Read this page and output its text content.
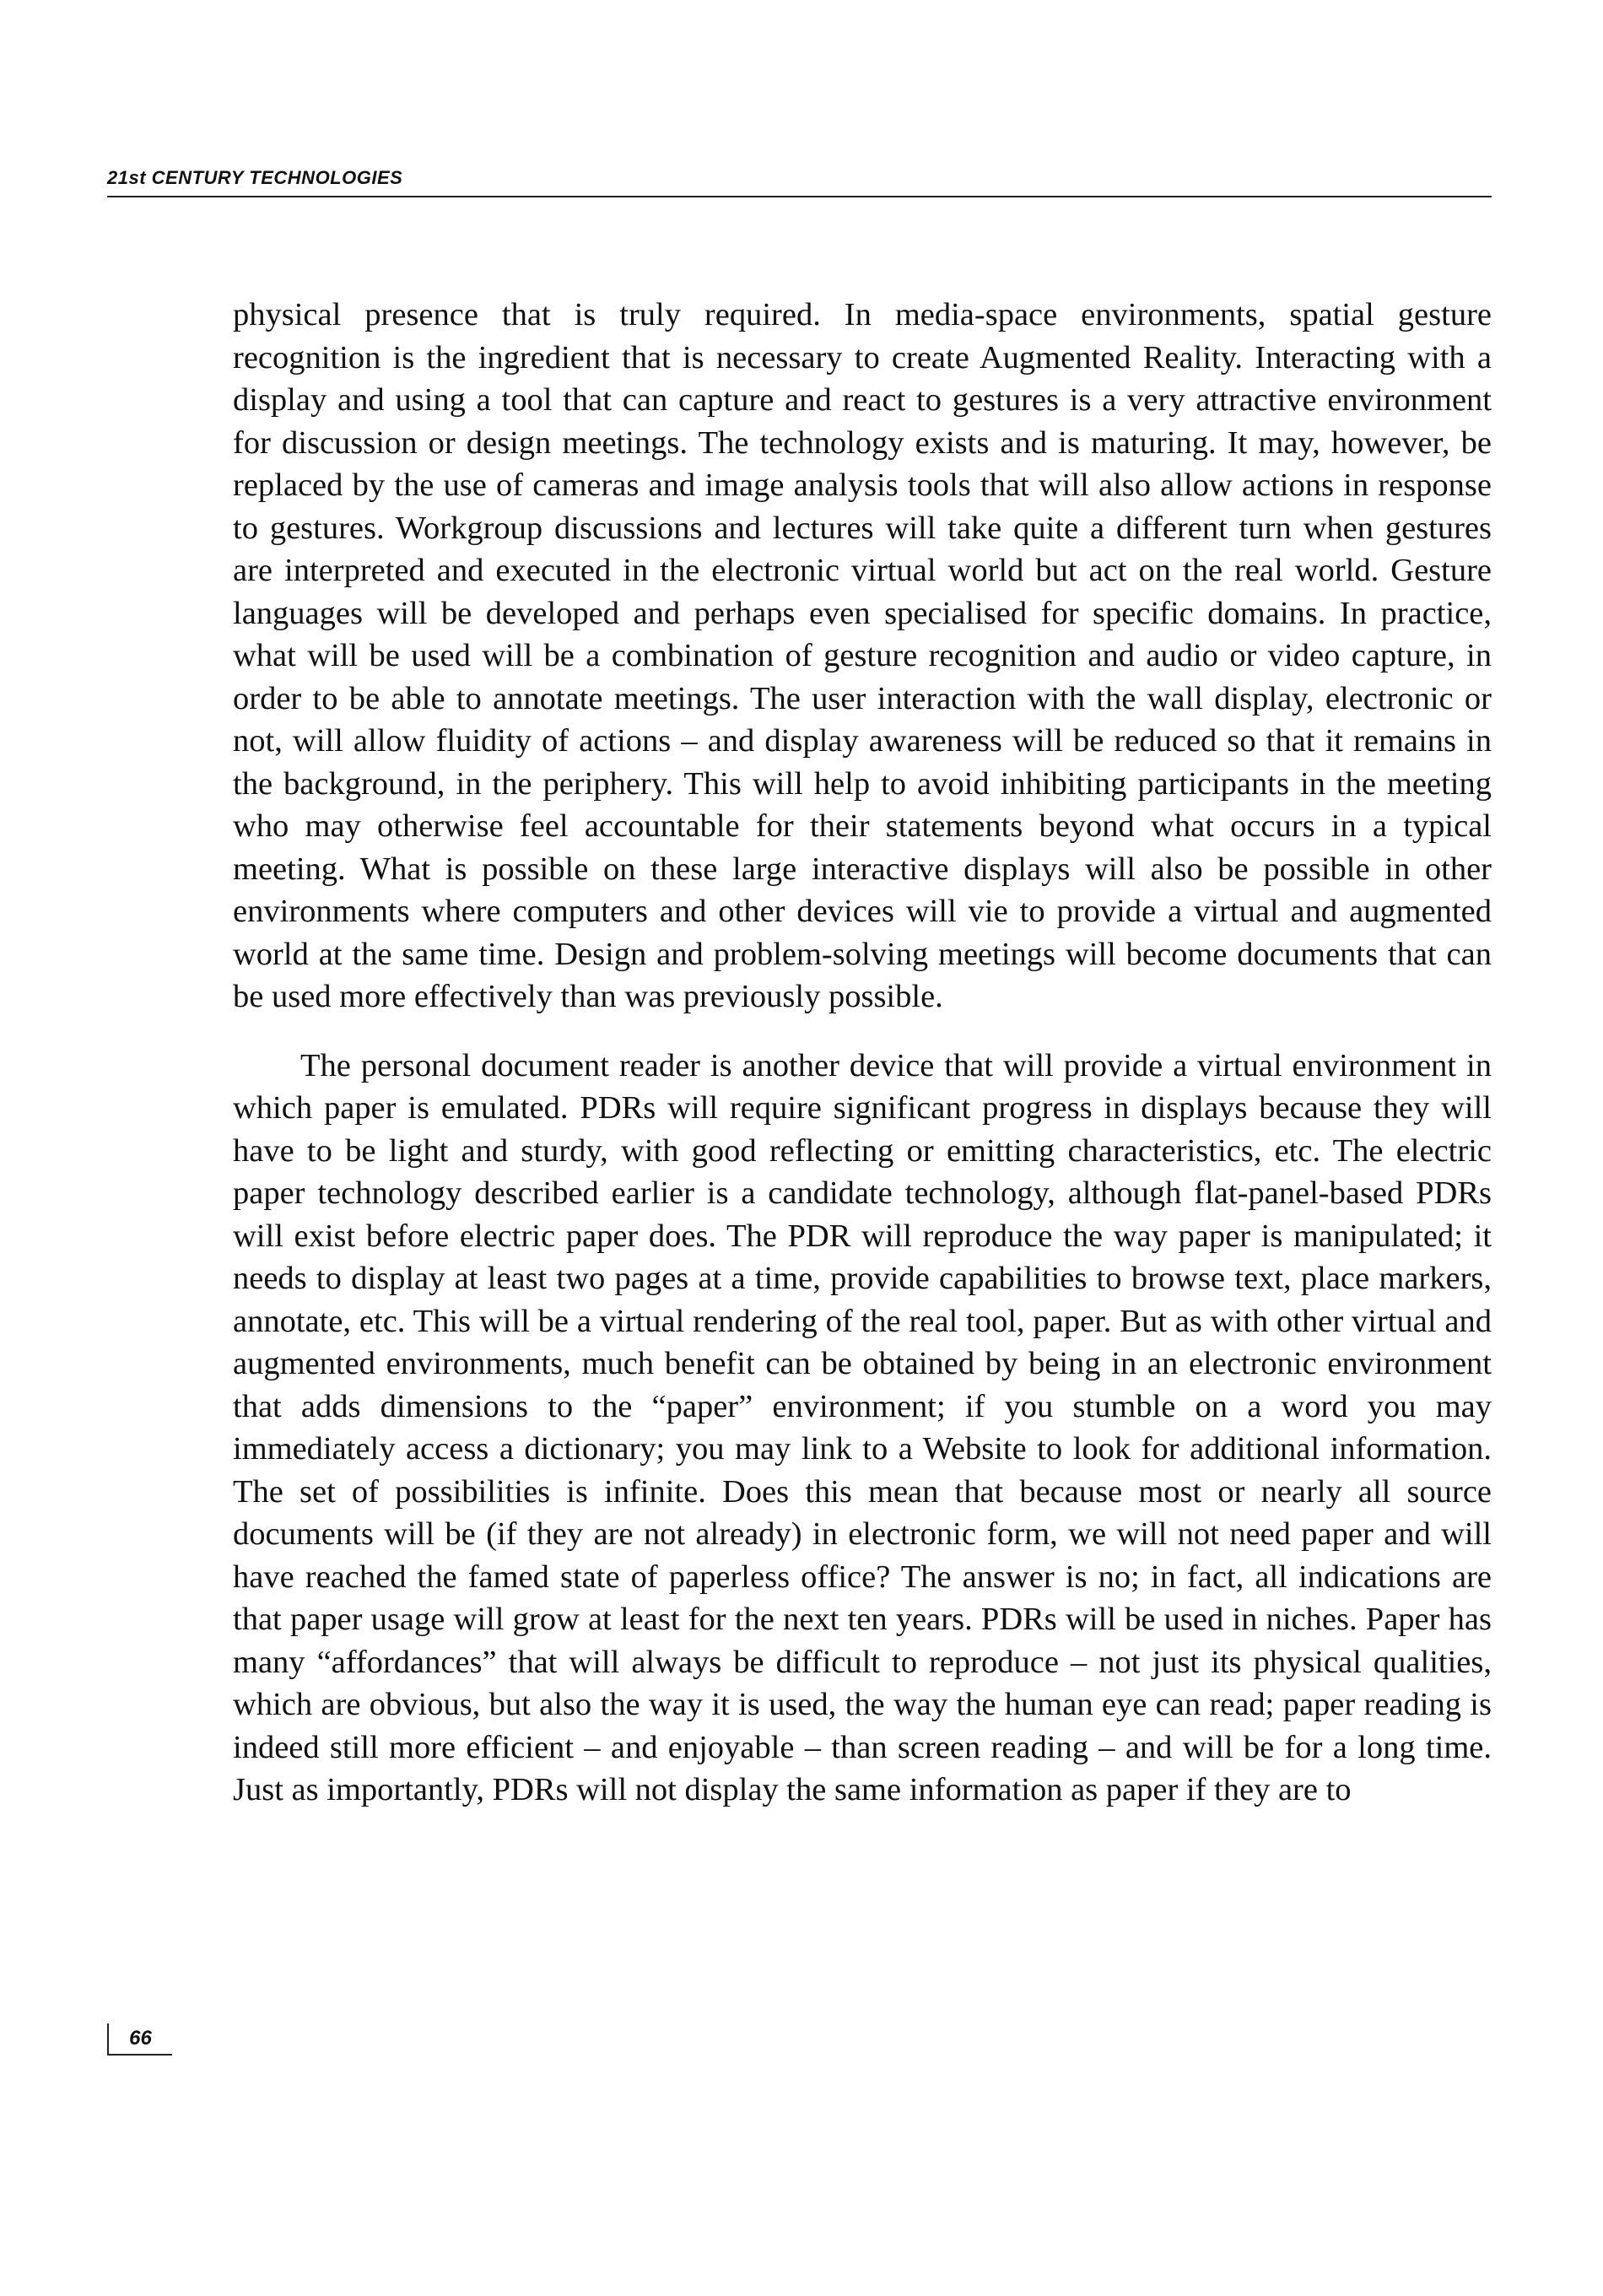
21st CENTURY TECHNOLOGIES

physical presence that is truly required. In media-space environments, spatial gesture recognition is the ingredient that is necessary to create Augmented Reality. Interacting with a display and using a tool that can capture and react to gestures is a very attractive environment for discussion or design meetings. The technology exists and is maturing. It may, however, be replaced by the use of cameras and image analysis tools that will also allow actions in response to gestures. Workgroup discussions and lectures will take quite a different turn when gestures are interpreted and executed in the electronic virtual world but act on the real world. Gesture languages will be developed and perhaps even specialised for specific domains. In practice, what will be used will be a combination of gesture recognition and audio or video capture, in order to be able to annotate meetings. The user interaction with the wall display, electronic or not, will allow fluidity of actions – and display awareness will be reduced so that it remains in the background, in the periphery. This will help to avoid inhibiting participants in the meeting who may otherwise feel accountable for their statements beyond what occurs in a typical meeting. What is possible on these large interactive displays will also be possible in other environments where computers and other devices will vie to provide a virtual and augmented world at the same time. Design and problem-solving meetings will become documents that can be used more effectively than was previously possible.

The personal document reader is another device that will provide a virtual environment in which paper is emulated. PDRs will require significant progress in displays because they will have to be light and sturdy, with good reflecting or emitting characteristics, etc. The electric paper technology described earlier is a candidate technology, although flat-panel-based PDRs will exist before electric paper does. The PDR will reproduce the way paper is manipulated; it needs to display at least two pages at a time, provide capabilities to browse text, place markers, annotate, etc. This will be a virtual rendering of the real tool, paper. But as with other virtual and augmented environments, much benefit can be obtained by being in an electronic environment that adds dimensions to the “paper” environment; if you stumble on a word you may immediately access a dictionary; you may link to a Website to look for additional information. The set of possibilities is infinite. Does this mean that because most or nearly all source documents will be (if they are not already) in electronic form, we will not need paper and will have reached the famed state of paperless office? The answer is no; in fact, all indications are that paper usage will grow at least for the next ten years. PDRs will be used in niches. Paper has many “affordances” that will always be difficult to reproduce – not just its physical qualities, which are obvious, but also the way it is used, the way the human eye can read; paper reading is indeed still more efficient – and enjoyable – than screen reading – and will be for a long time. Just as importantly, PDRs will not display the same information as paper if they are to

66
